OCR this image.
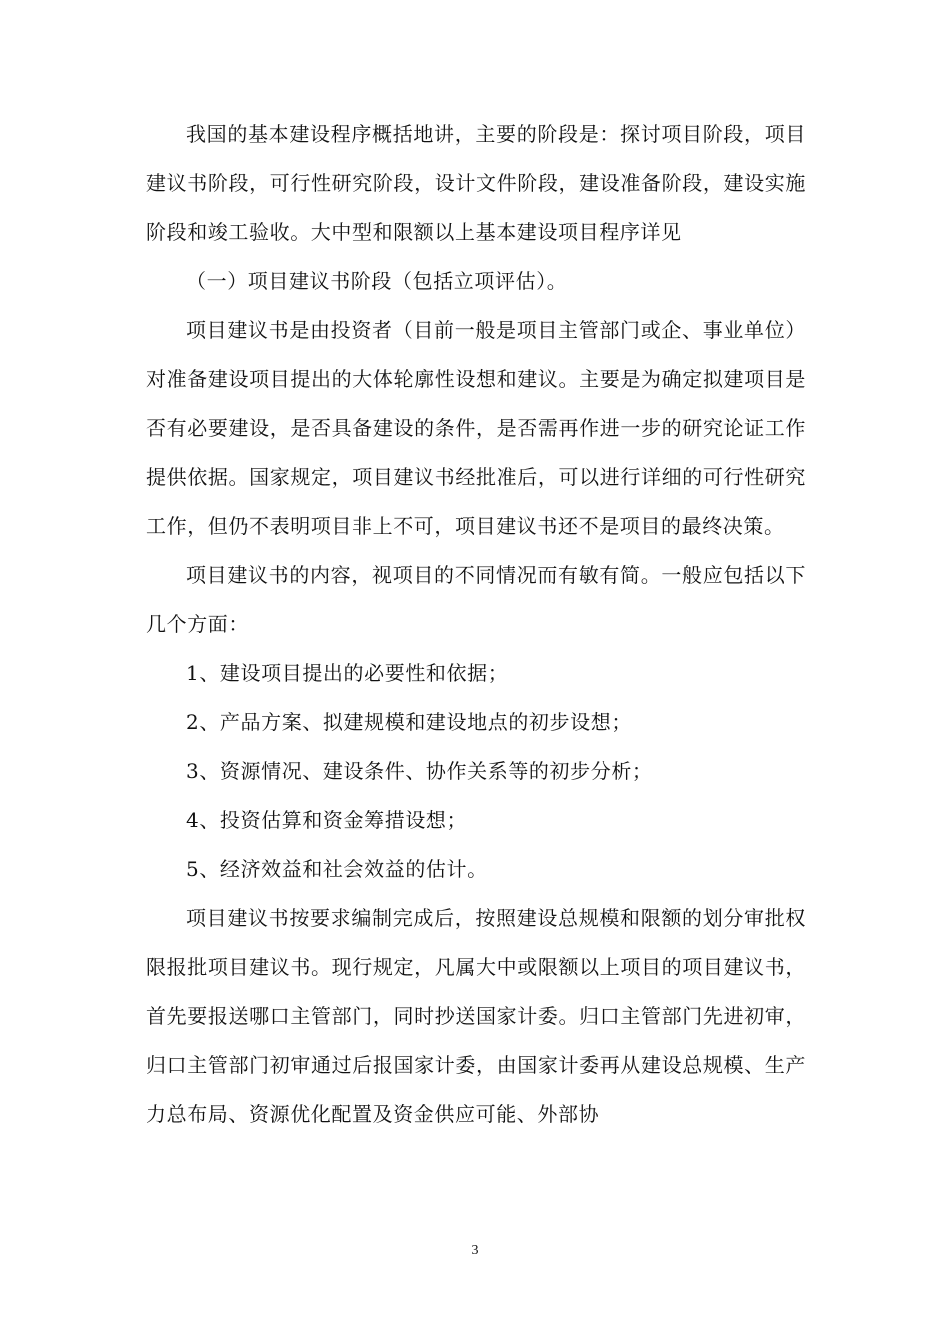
我国的基本建设程序概括地讲，主要的阶段是：探讨项目阶段，项目建议书阶段，可行性研究阶段，设计文件阶段，建设准备阶段，建设实施阶段和竣工验收。大中型和限额以上基本建设项目程序详见

（一）项目建议书阶段（包括立项评估）。

项目建议书是由投资者（目前一般是项目主管部门或企、事业单位）对准备建设项目提出的大体轮廓性设想和建议。主要是为确定拟建项目是否有必要建设，是否具备建设的条件，是否需再作进一步的研究论证工作提供依据。国家规定，项目建议书经批准后，可以进行详细的可行性研究工作，但仍不表明项目非上不可，项目建议书还不是项目的最终决策。

项目建议书的内容，视项目的不同情况而有敏有简。一般应包括以下几个方面：

1、建设项目提出的必要性和依据；

2、产品方案、拟建规模和建设地点的初步设想；

3、资源情况、建设条件、协作关系等的初步分析；

4、投资估算和资金筹措设想；

5、经济效益和社会效益的估计。

项目建议书按要求编制完成后，按照建设总规模和限额的划分审批权限报批项目建议书。现行规定，凡属大中或限额以上项目的项目建议书，首先要报送哪口主管部门，同时抄送国家计委。归口主管部门先进初审，归口主管部门初审通过后报国家计委，由国家计委再从建设总规模、生产力总布局、资源优化配置及资金供应可能、外部协

3
